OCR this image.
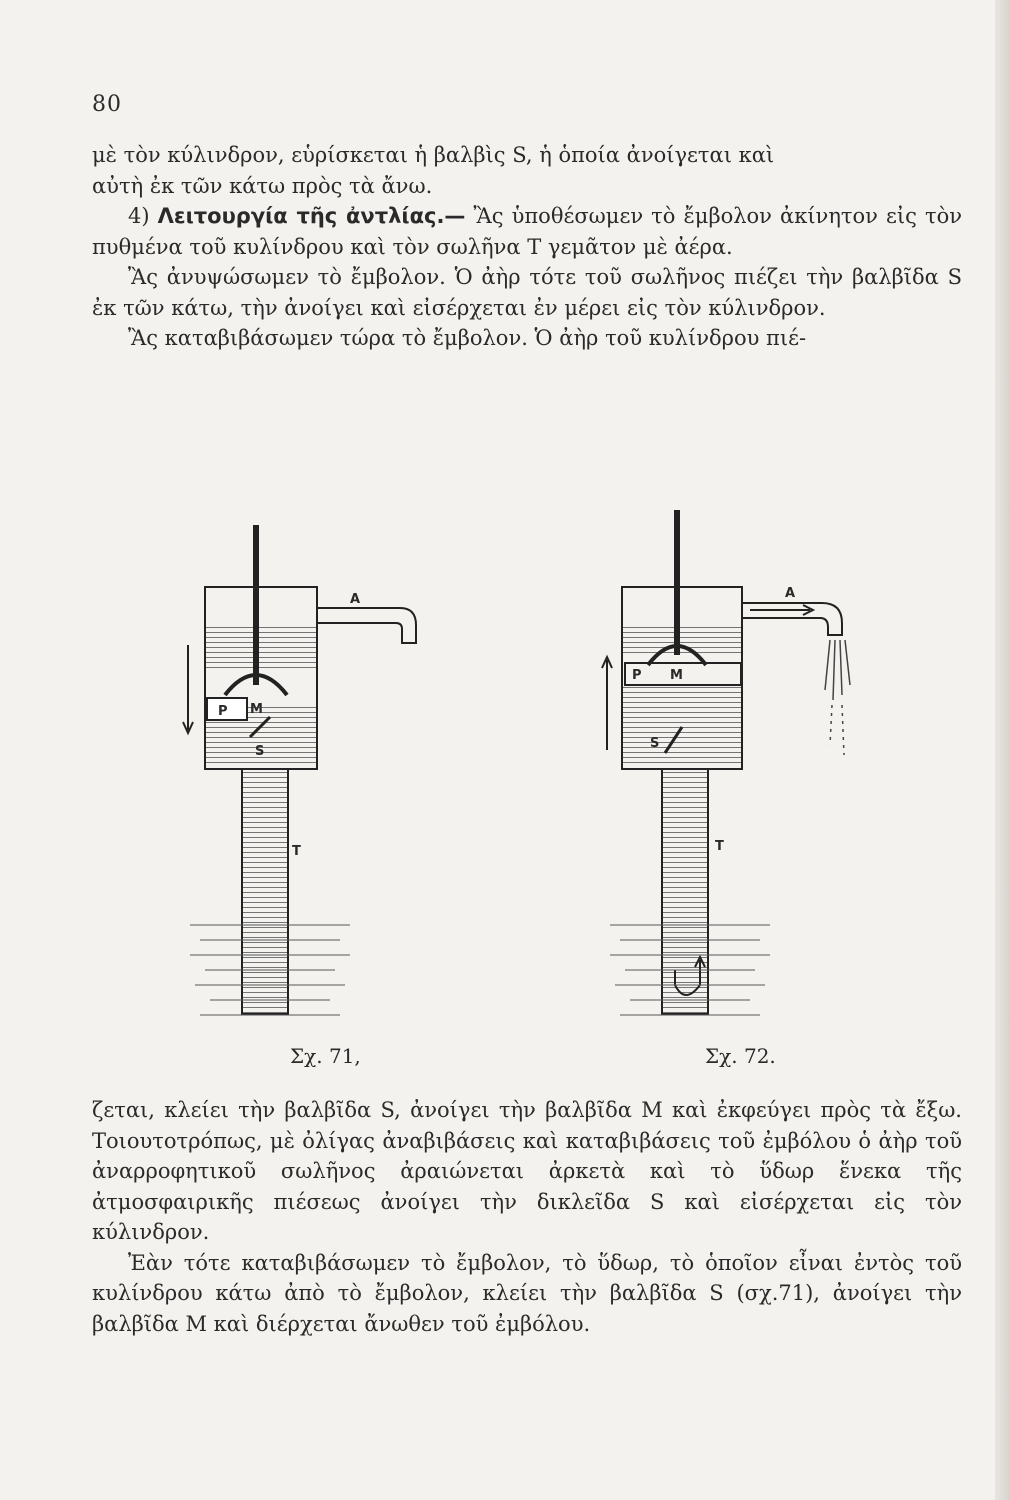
80

μὲ τὸν κύλινδρον, εὑρίσκεται ἡ βαλβὶς S, ἡ ὁποία ἀνοίγεται καὶ

αὐτὴ ἐκ τῶν κάτω πρὸς τὰ ἄνω.

4) Λειτουργία τῆς ἀντλίας.— Ἂς ὑποθέσωμεν τὸ ἔμβολον ἀκίνητον εἰς τὸν πυθμένα τοῦ κυλίνδρου καὶ τὸν σωλῆνα Τ γεμᾶτον μὲ ἀέρα.

Ἂς ἀνυψώσωμεν τὸ ἔμβολον. Ὁ ἀὴρ τότε τοῦ σωλῆνος πιέζει τὴν βαλβῖδα S ἐκ τῶν κάτω, τὴν ἀνοίγει καὶ εἰσέρχεται ἐν μέρει εἰς τὸν κύλινδρον.

Ἂς καταβιβάσωμεν τώρα τὸ ἔμβολον. Ὁ ἀὴρ τοῦ κυλίνδρου πιέ-

P M
S
T
A
Σχ. 71,
P M
S
T
A
Σχ. 72.

ζεται, κλείει τὴν βαλβῖδα S, ἀνοίγει τὴν βαλβῖδα Μ καὶ ἐκφεύγει πρὸς τὰ ἔξω. Τοιουτοτρόπως, μὲ ὀλίγας ἀναβιβάσεις καὶ καταβιβάσεις τοῦ ἐμβόλου ὁ ἀὴρ τοῦ ἀναρροφητικοῦ σωλῆνος ἀραιώνεται ἀρκετὰ καὶ τὸ ὕδωρ ἕνεκα τῆς ἀτμοσφαιρικῆς πιέσεως ἀνοίγει τὴν δικλεῖδα S καὶ εἰσέρχεται εἰς τὸν κύλινδρον.

Ἐὰν τότε καταβιβάσωμεν τὸ ἔμβολον, τὸ ὕδωρ, τὸ ὁποῖον εἶναι ἐντὸς τοῦ κυλίνδρου κάτω ἀπὸ τὸ ἔμβολον, κλείει τὴν βαλβῖδα S (σχ.71), ἀνοίγει τὴν βαλβῖδα Μ καὶ διέρχεται ἄνωθεν τοῦ ἐμβόλου.
